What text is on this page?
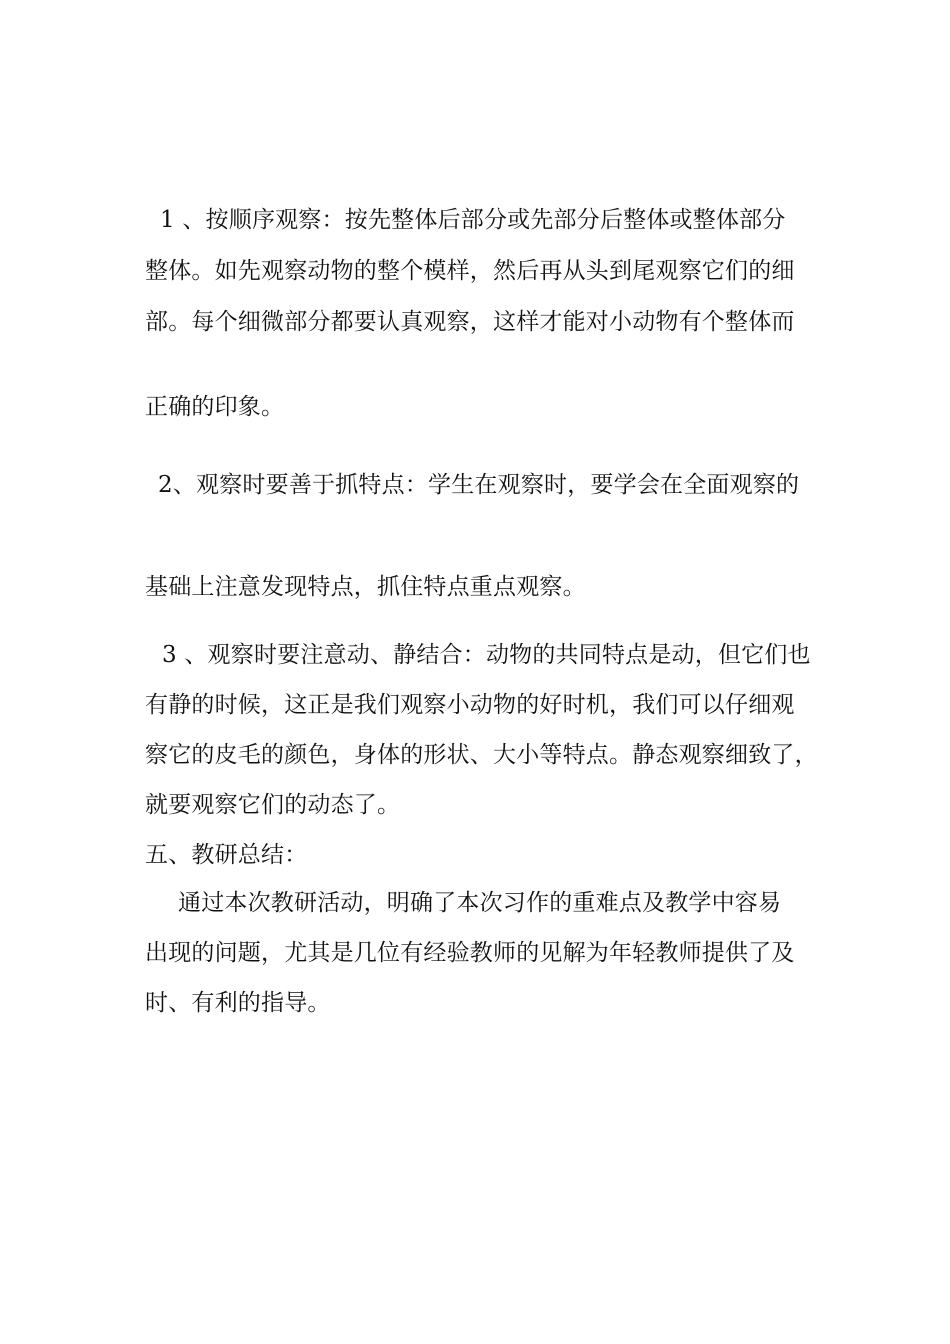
1 、按顺序观察：按先整体后部分或先部分后整体或整体部分
整体。如先观察动物的整个模样，然后再从头到尾观察它们的细
部。每个细微部分都要认真观察，这样才能对小动物有个整体而
正确的印象。
2、观察时要善于抓特点：学生在观察时，要学会在全面观察的
基础上注意发现特点，抓住特点重点观察。
3 、观察时要注意动、静结合：动物的共同特点是动，但它们也
有静的时候，这正是我们观察小动物的好时机，我们可以仔细观
察它的皮毛的颜色，身体的形状、大小等特点。静态观察细致了，
就要观察它们的动态了。
五、教研总结：
通过本次教研活动，明确了本次习作的重难点及教学中容易
出现的问题，尤其是几位有经验教师的见解为年轻教师提供了及
时、有利的指导。
